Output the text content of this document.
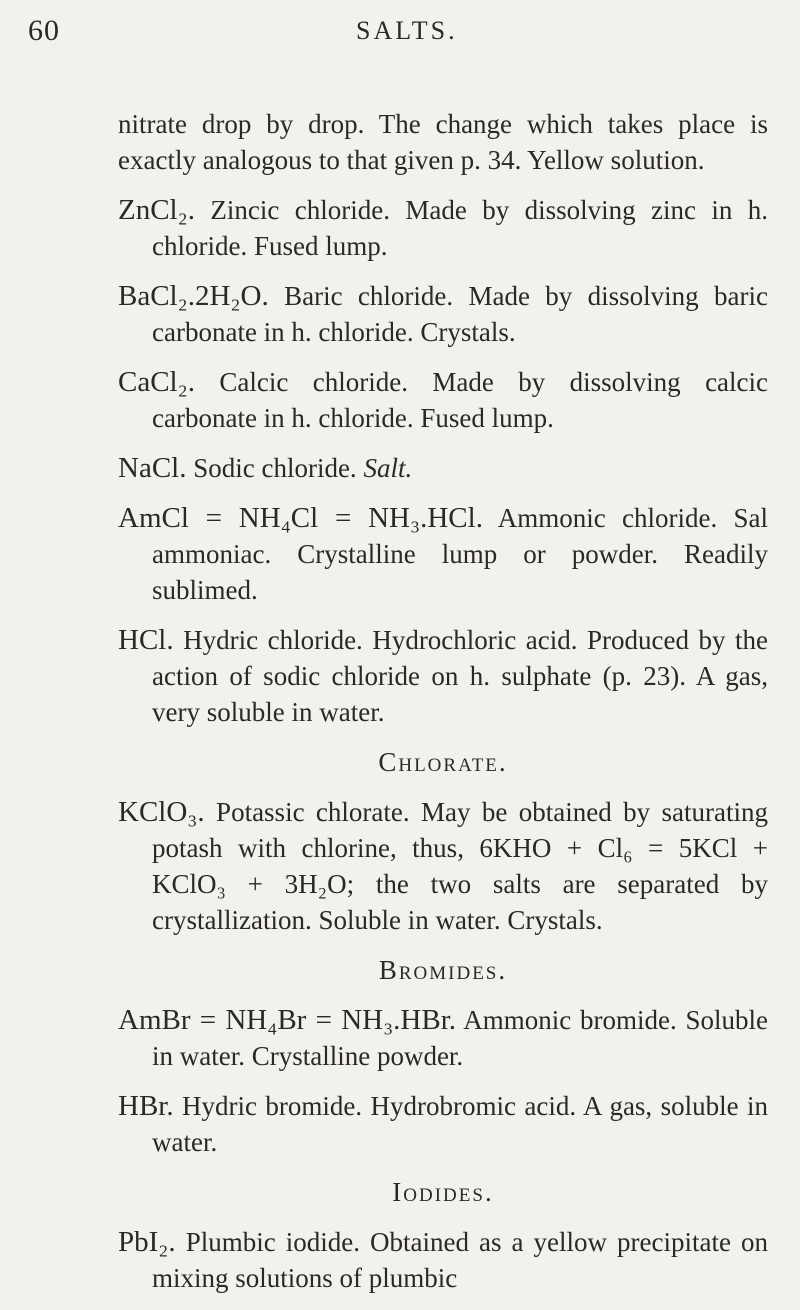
60	SALTS.

nitrate drop by drop. The change which takes place is exactly analogous to that given p. 34. Yellow solution.

ZnCl₂. Zincic chloride. Made by dissolving zinc in h. chloride. Fused lump.

BaCl₂.2H₂O. Baric chloride. Made by dissolving baric carbonate in h. chloride. Crystals.

CaCl₂. Calcic chloride. Made by dissolving calcic carbonate in h. chloride. Fused lump.

NaCl. Sodic chloride. Salt.

AmCl = NH₄Cl = NH₃.HCl. Ammonic chloride. Sal ammoniac. Crystalline lump or powder. Readily sublimed.

HCl. Hydric chloride. Hydrochloric acid. Produced by the action of sodic chloride on h. sulphate (p. 23). A gas, very soluble in water.

Chlorate.

KClO₃. Potassic chlorate. May be obtained by saturating potash with chlorine, thus, 6KHO + Cl₆ = 5KCl + KClO₃ + 3H₂O; the two salts are separated by crystallization. Soluble in water. Crystals.

Bromides.

AmBr = NH₄Br = NH₃.HBr. Ammonic bromide. Soluble in water. Crystalline powder.

HBr. Hydric bromide. Hydrobromic acid. A gas, soluble in water.

Iodides.

PbI₂. Plumbic iodide. Obtained as a yellow precipitate on mixing solutions of plumbic
